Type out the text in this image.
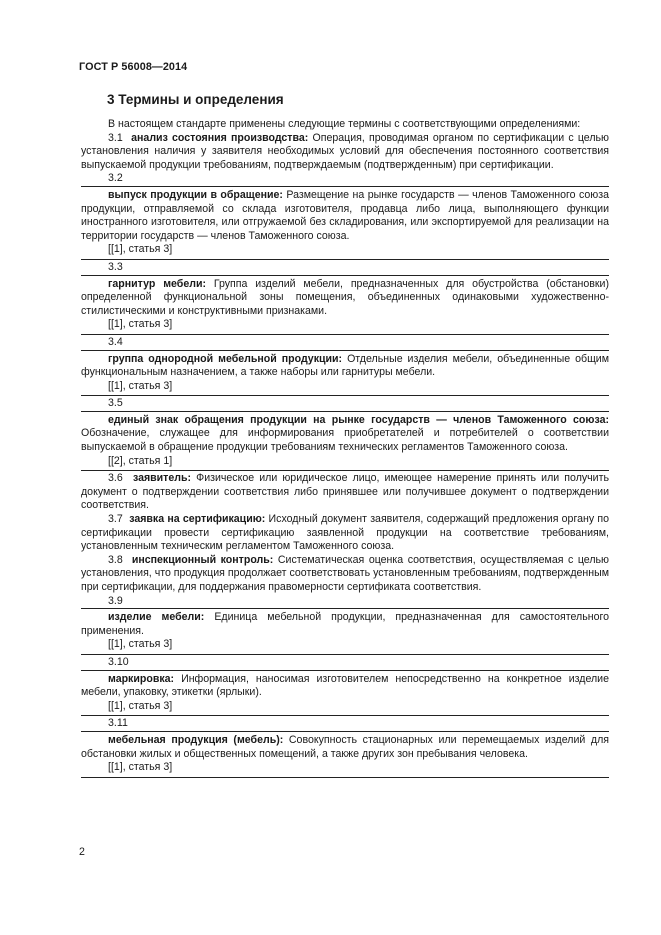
ГОСТ Р 56008—2014
3 Термины и определения

В настоящем стандарте применены следующие термины с соответствующими определениями:

3.1 анализ состояния производства: Операция, проводимая органом по сертификации с целью установления наличия у заявителя необходимых условий для обеспечения постоянного соответствия выпускаемой продукции требованиям, подтверждаемым (подтвержденным) при сертификации.

3.2

выпуск продукции в обращение: Размещение на рынке государств — членов Таможенного союза продукции, отправляемой со склада изготовителя, продавца либо лица, выполняющего функции иностранного изготовителя, или отгружаемой без складирования, или экспортируемой для реализации на территории государств — членов Таможенного союза.

[[1], статья 3]

3.3

гарнитур мебели: Группа изделий мебели, предназначенных для обустройства (обстановки) определенной функциональной зоны помещения, объединенных одинаковыми художественно-стилистическими и конструктивными признаками.

[[1], статья 3]

3.4

группа однородной мебельной продукции: Отдельные изделия мебели, объединенные общим функциональным назначением, а также наборы или гарнитуры мебели.

[[1], статья 3]

3.5

единый знак обращения продукции на рынке государств — членов Таможенного союза: Обозначение, служащее для информирования приобретателей и потребителей о соответствии выпускаемой в обращение продукции требованиям технических регламентов Таможенного союза.

[[2], статья 1]

3.6 заявитель: Физическое или юридическое лицо, имеющее намерение принять или получить документ о подтверждении соответствия либо принявшее или получившее документ о подтверждении соответствия.

3.7 заявка на сертификацию: Исходный документ заявителя, содержащий предложения органу по сертификации провести сертификацию заявленной продукции на соответствие требованиям, установленным техническим регламентом Таможенного союза.

3.8 инспекционный контроль: Систематическая оценка соответствия, осуществляемая с целью установления, что продукция продолжает соответствовать установленным требованиям, подтвержденным при сертификации, для поддержания правомерности сертификата соответствия.

3.9

изделие мебели: Единица мебельной продукции, предназначенная для самостоятельного применения.

[[1], статья 3]

3.10

маркировка: Информация, наносимая изготовителем непосредственно на конкретное изделие мебели, упаковку, этикетки (ярлыки).

[[1], статья 3]

3.11

мебельная продукция (мебель): Совокупность стационарных или перемещаемых изделий для обстановки жилых и общественных помещений, а также других зон пребывания человека.

[[1], статья 3]

2
